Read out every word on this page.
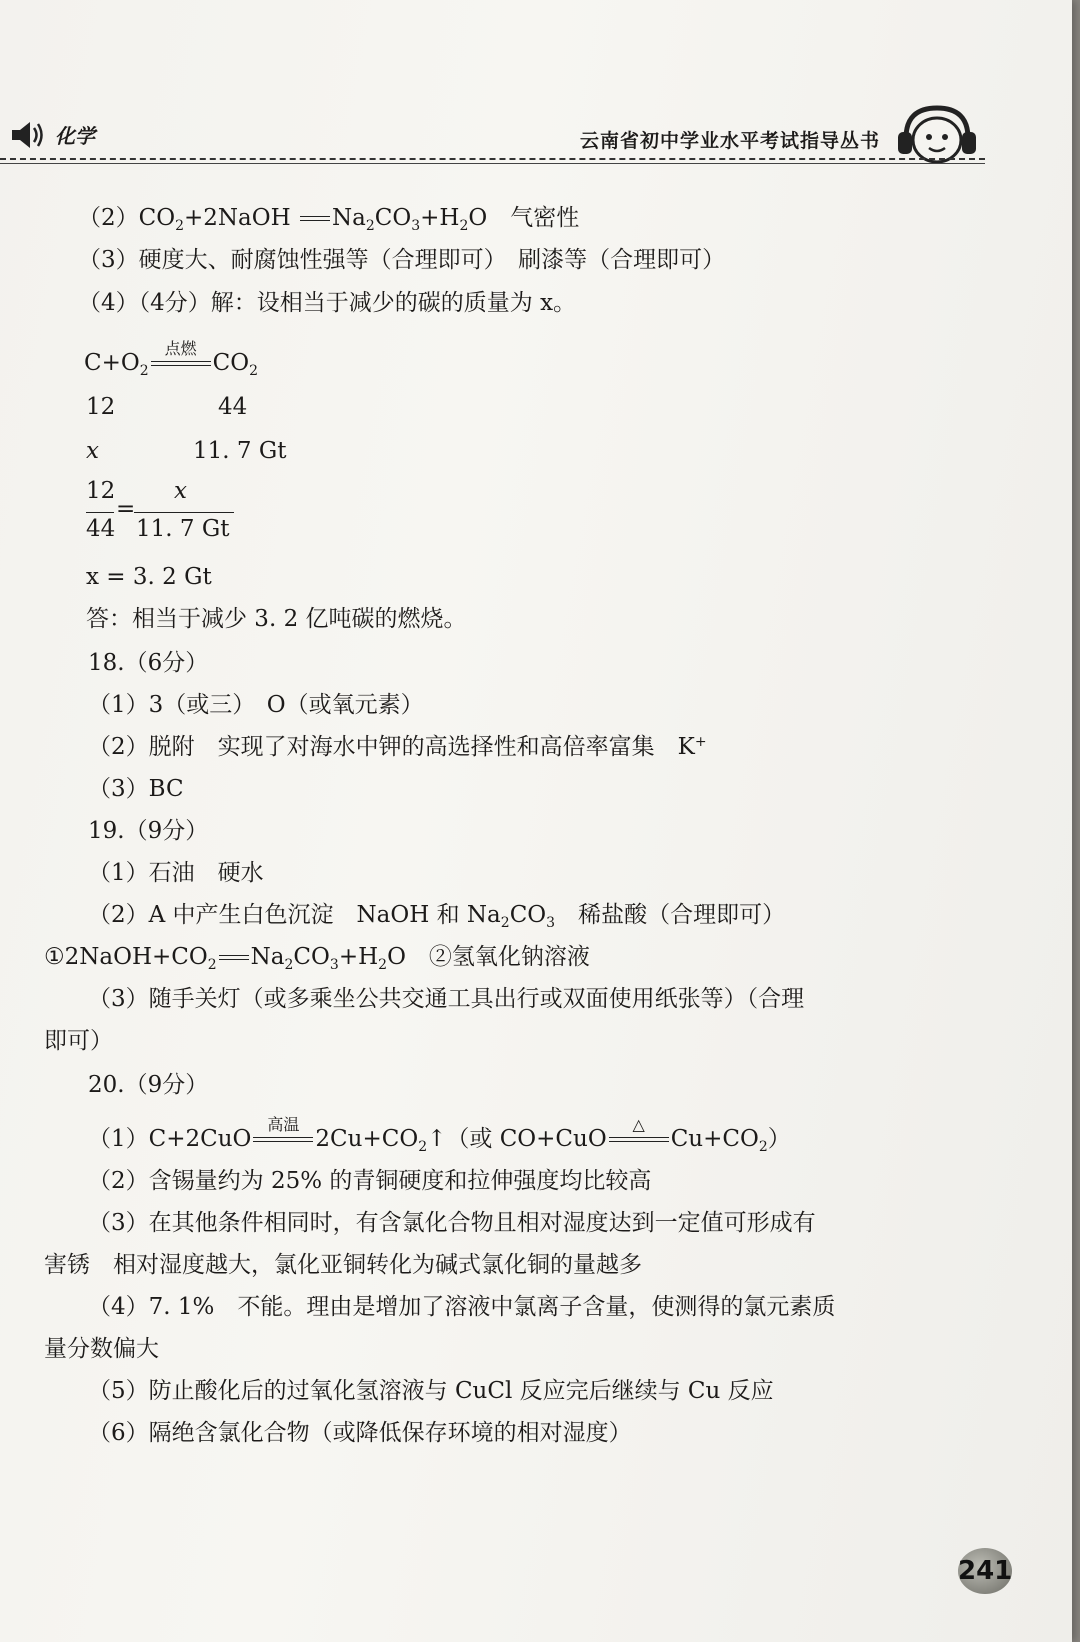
化学	云南省初中学业水平考试指导丛书
$(2)CO_2+2NaOH$ $Na_2CO_3+H_2O$  气密性
（3）硬度大、耐腐蚀性强等（合理即可）　刷漆等（合理即可）
（4）（4分）解：设相当于减少的碳的质量为 x。
$C+O_2$
点燃
$CO_2$
12	44
x	11. 7 Gt
12
44
=
x
11. 7 Gt
x = 3. 2 Gt
答：相当于减少 3. 2 亿吨碳的燃烧。
18.（6分）
（1）3（或三）　O（或氧元素）
（2）脱附　实现了对海水中钾的高选择性和高倍率富集　K+
（3）BC
19.（9分）
（1）石油　硬水
（2）A 中产生白色沉淀　NaOH 和 $Na_2CO_3$  稀盐酸（合理即可）
$①2NaOH+CO_2$ $Na_2CO_3+H_2O$　②氢氧化钠溶液
（3）随手关灯（或多乘坐公共交通工具出行或双面使用纸张等）（合理
即可）
20.（9分）
（1）C+2CuO
高温
$2Cu+CO_2↑$（或 CO+CuO
△
$Cu+CO_2$）
（2）含锡量约为 25% 的青铜硬度和拉伸强度均比较高
（3）在其他条件相同时，有含氯化合物且相对湿度达到一定值可形成有
害锈　相对湿度越大，氯化亚铜转化为碱式氯化铜的量越多
（4）7. 1%　不能。理由是增加了溶液中氯离子含量，使测得的氯元素质
量分数偏大
（5）防止酸化后的过氧化氢溶液与 CuCl 反应完后继续与 Cu 反应
（6）隔绝含氯化合物（或降低保存环境的相对湿度）
241
